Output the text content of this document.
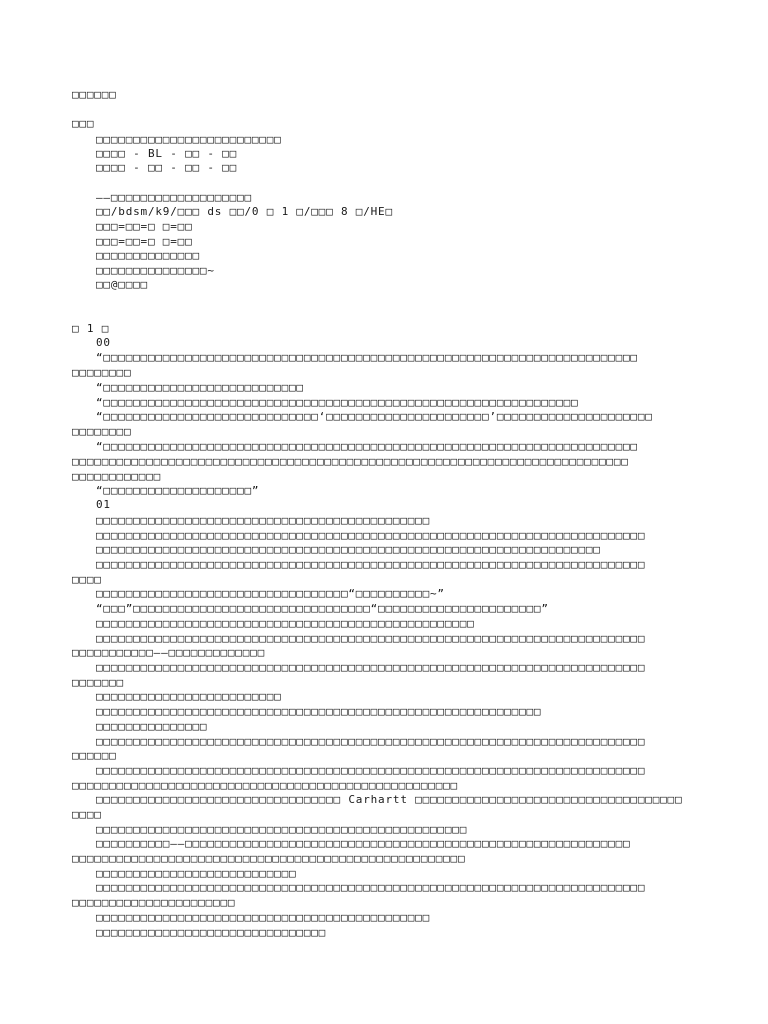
□□□□□□
□□□
□□□□□□□□□□□□□□□□□□□□□□□□□
□□□□ - BL - □□ - □□
□□□□ - □□ - □□ - □□
——□□□□□□□□□□□□□□□□□□□
□□/bdsm/k9/□□□ ds □□/0 □ 1 □/□□□ 8 □/HE□
□□□=□□=□ □=□□
□□□=□□=□ □=□□
□□□□□□□□□□□□□□
□□□□□□□□□□□□□□□~
□□@□□□□
□ 1 □
00
“□□□□□□□□□□□□□□□□□□□□□□□□□□□□□□□□□□□□□□□□□□□□□□□□□□□□□□□□□□□□□□□□□□□□□□□□
□□□□□□□□
“□□□□□□□□□□□□□□□□□□□□□□□□□□□
“□□□□□□□□□□□□□□□□□□□□□□□□□□□□□□□□□□□□□□□□□□□□□□□□□□□□□□□□□□□□□□□□
“□□□□□□□□□□□□□□□□□□□□□□□□□□□□□‘□□□□□□□□□□□□□□□□□□□□□□’□□□□□□□□□□□□□□□□□□□□□
□□□□□□□□
“□□□□□□□□□□□□□□□□□□□□□□□□□□□□□□□□□□□□□□□□□□□□□□□□□□□□□□□□□□□□□□□□□□□□□□□□
□□□□□□□□□□□□□□□□□□□□□□□□□□□□□□□□□□□□□□□□□□□□□□□□□□□□□□□□□□□□□□□□□□□□□□□□□□□
□□□□□□□□□□□□
“□□□□□□□□□□□□□□□□□□□□”
01
□□□□□□□□□□□□□□□□□□□□□□□□□□□□□□□□□□□□□□□□□□□□□
□□□□□□□□□□□□□□□□□□□□□□□□□□□□□□□□□□□□□□□□□□□□□□□□□□□□□□□□□□□□□□□□□□□□□□□□□□
□□□□□□□□□□□□□□□□□□□□□□□□□□□□□□□□□□□□□□□□□□□□□□□□□□□□□□□□□□□□□□□□□□□□
□□□□□□□□□□□□□□□□□□□□□□□□□□□□□□□□□□□□□□□□□□□□□□□□□□□□□□□□□□□□□□□□□□□□□□□□□□
□□□□
□□□□□□□□□□□□□□□□□□□□□□□□□□□□□□□□□□“□□□□□□□□□□~”
“□□□”□□□□□□□□□□□□□□□□□□□□□□□□□□□□□□□□“□□□□□□□□□□□□□□□□□□□□□□”
□□□□□□□□□□□□□□□□□□□□□□□□□□□□□□□□□□□□□□□□□□□□□□□□□□□
□□□□□□□□□□□□□□□□□□□□□□□□□□□□□□□□□□□□□□□□□□□□□□□□□□□□□□□□□□□□□□□□□□□□□□□□□□
□□□□□□□□□□□——□□□□□□□□□□□□□
□□□□□□□□□□□□□□□□□□□□□□□□□□□□□□□□□□□□□□□□□□□□□□□□□□□□□□□□□□□□□□□□□□□□□□□□□□
□□□□□□□
□□□□□□□□□□□□□□□□□□□□□□□□□
□□□□□□□□□□□□□□□□□□□□□□□□□□□□□□□□□□□□□□□□□□□□□□□□□□□□□□□□□□□□
□□□□□□□□□□□□□□□
□□□□□□□□□□□□□□□□□□□□□□□□□□□□□□□□□□□□□□□□□□□□□□□□□□□□□□□□□□□□□□□□□□□□□□□□□□
□□□□□□
□□□□□□□□□□□□□□□□□□□□□□□□□□□□□□□□□□□□□□□□□□□□□□□□□□□□□□□□□□□□□□□□□□□□□□□□□□
□□□□□□□□□□□□□□□□□□□□□□□□□□□□□□□□□□□□□□□□□□□□□□□□□□□□
□□□□□□□□□□□□□□□□□□□□□□□□□□□□□□□□□ Carhartt □□□□□□□□□□□□□□□□□□□□□□□□□□□□□□□□□□□□
□□□□
□□□□□□□□□□□□□□□□□□□□□□□□□□□□□□□□□□□□□□□□□□□□□□□□□□
□□□□□□□□□□——□□□□□□□□□□□□□□□□□□□□□□□□□□□□□□□□□□□□□□□□□□□□□□□□□□□□□□□□□□□□
□□□□□□□□□□□□□□□□□□□□□□□□□□□□□□□□□□□□□□□□□□□□□□□□□□□□□
□□□□□□□□□□□□□□□□□□□□□□□□□□□
□□□□□□□□□□□□□□□□□□□□□□□□□□□□□□□□□□□□□□□□□□□□□□□□□□□□□□□□□□□□□□□□□□□□□□□□□□
□□□□□□□□□□□□□□□□□□□□□□
□□□□□□□□□□□□□□□□□□□□□□□□□□□□□□□□□□□□□□□□□□□□□
□□□□□□□□□□□□□□□□□□□□□□□□□□□□□□□
